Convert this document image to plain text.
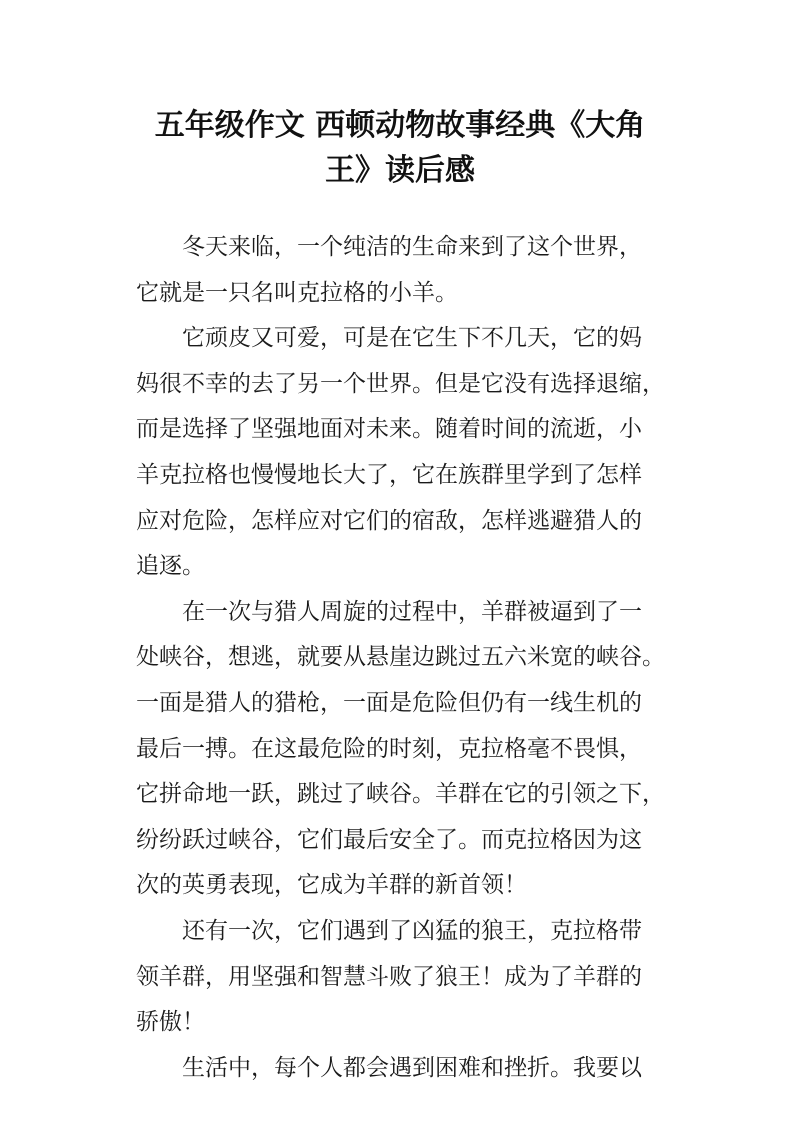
五年级作文 西顿动物故事经典《大角
王》读后感
冬天来临，一个纯洁的生命来到了这个世界，
它就是一只名叫克拉格的小羊。
它顽皮又可爱，可是在它生下不几天，它的妈
妈很不幸的去了另一个世界。但是它没有选择退缩，
而是选择了坚强地面对未来。随着时间的流逝，小
羊克拉格也慢慢地长大了，它在族群里学到了怎样
应对危险，怎样应对它们的宿敌，怎样逃避猎人的
追逐。
在一次与猎人周旋的过程中，羊群被逼到了一
处峡谷，想逃，就要从悬崖边跳过五六米宽的峡谷。
一面是猎人的猎枪，一面是危险但仍有一线生机的
最后一搏。在这最危险的时刻，克拉格毫不畏惧，
它拼命地一跃，跳过了峡谷。羊群在它的引领之下，
纷纷跃过峡谷，它们最后安全了。而克拉格因为这
次的英勇表现，它成为羊群的新首领！
还有一次，它们遇到了凶猛的狼王，克拉格带
领羊群，用坚强和智慧斗败了狼王！成为了羊群的
骄傲！
生活中，每个人都会遇到困难和挫折。我要以
